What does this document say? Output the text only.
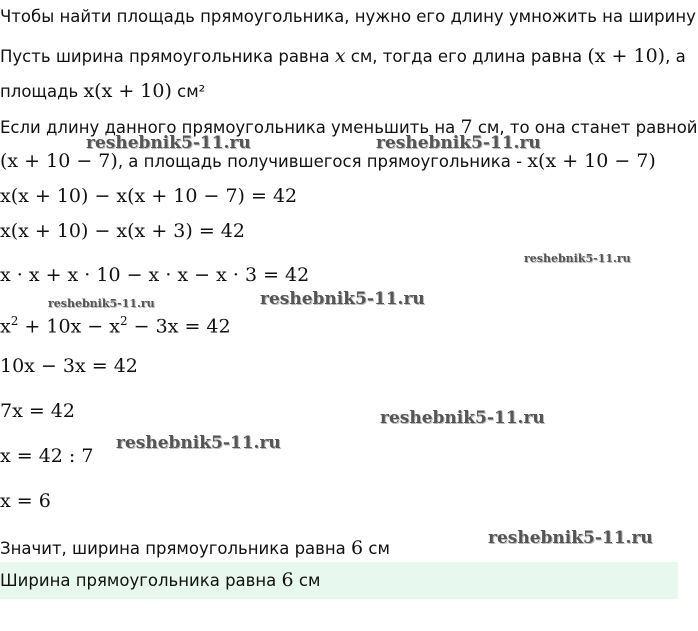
Чтобы найти площадь прямоугольника, нужно его длину умножить на ширину
Пусть ширина прямоугольника равна x см, тогда его длина равна (x + 10), а
площадь x(x + 10) см²
Если длину данного прямоугольника уменьшить на 7 см, то она станет равной
(x + 10 − 7), а площадь получившегося прямоугольника - x(x + 10 − 7)
x(x + 10) − x(x + 10 − 7) = 42
x(x + 10) − x(x + 3) = 42
x · x + x · 10 − x · x − x · 3 = 42
$x^2 + 10x - x^2 - 3x = 42$
10x − 3x = 42
7x = 42
x = 42 : 7
x = 6
Значит, ширина прямоугольника равна 6 см
Ширина прямоугольника равна 6 см
reshebnik5-11.ru	reshebnik5-11.ru
reshebnik5-11.ru
reshebnik5-11.ru	reshebnik5-11.ru
reshebnik5-11.ru
reshebnik5-11.ru
reshebnik5-11.ru
